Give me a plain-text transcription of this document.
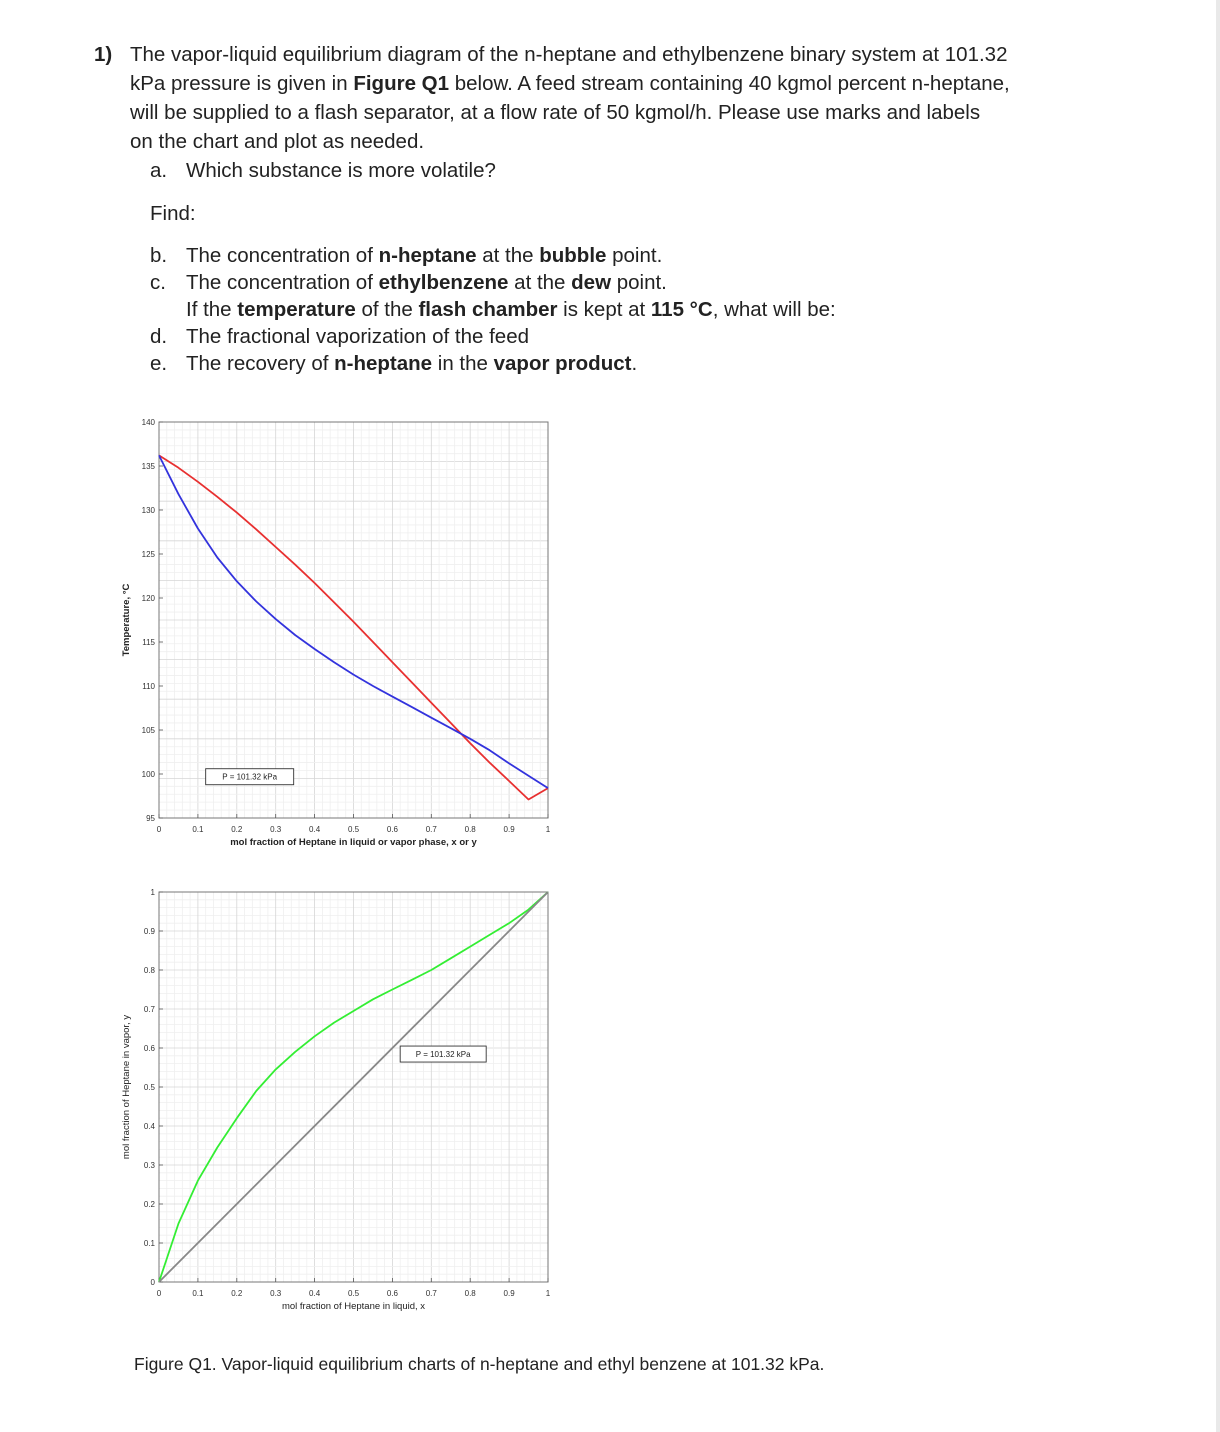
1) The vapor-liquid equilibrium diagram of the n-heptane and ethylbenzene binary system at 101.32
kPa pressure is given in Figure Q1 below. A feed stream containing 40 kgmol percent n-heptane,
will be supplied to a flash separator, at a flow rate of 50 kgmol/h. Please use marks and labels
on the chart and plot as needed.
a. Which substance is more volatile?
Find:
b. The concentration of n-heptane at the bubble point.
c. The concentration of ethylbenzene at the dew point.
If the temperature of the flash chamber is kept at 115 °C, what will be:
d. The fractional vaporization of the feed
e. The recovery of n-heptane in the vapor product.
95
100
105
110
115
120
125
130
135
140
0	0.1	0.2	0.3	0.4	0.5	0.6	0.7	0.8	0.9	1
mol fraction of Heptane in liquid or vapor phase, x or y
Temperature, °C
P = 101.32 kPa
0
0.1
0.2
0.3
0.4
0.5
0.6
0.7
0.8
0.9
1
0	0.1	0.2	0.3	0.4	0.5	0.6	0.7	0.8	0.9	1
mol fraction of Heptane in liquid, x
mol fraction of Heptane in vapor, y	P = 101.32 kPa
Figure Q1. Vapor-liquid equilibrium charts of n-heptane and ethyl benzene at 101.32 kPa.
